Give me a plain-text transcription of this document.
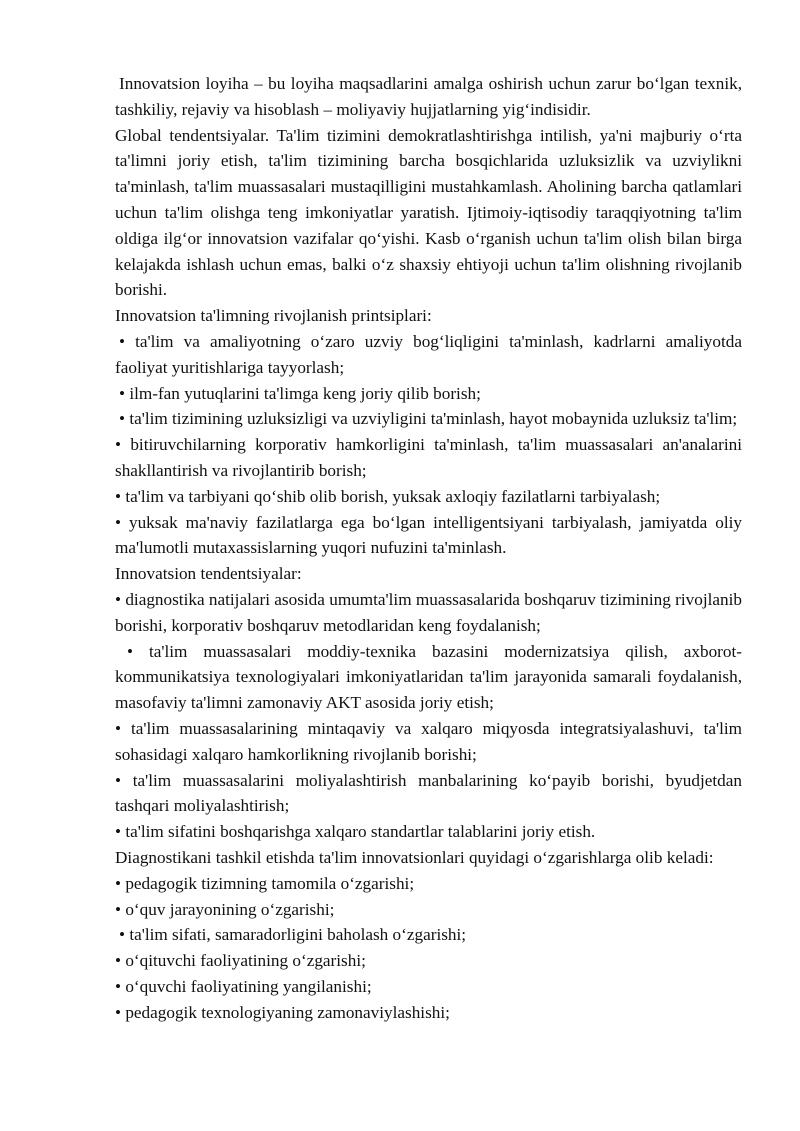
Innovatsion loyiha – bu loyiha maqsadlarini amalga oshirish uchun zarur bo‘lgan texnik, tashkiliy, rejaviy va hisoblash – moliyaviy hujjatlarning yig‘indisidir.

Global tendentsiyalar. Ta'lim tizimini demokratlashtirishga intilish, ya'ni majburiy o‘rta ta'limni joriy etish, ta'lim tizimining barcha bosqichlarida uzluksizlik va uzviylikni ta'minlash, ta'lim muassasalari mustaqilligini mustahkamlash. Aholining barcha qatlamlari uchun ta'lim olishga teng imkoniyatlar yaratish. Ijtimoiy-iqtisodiy taraqqiyotning ta'lim oldiga ilg‘or innovatsion vazifalar qo‘yishi. Kasb o‘rganish uchun ta'lim olish bilan birga kelajakda ishlash uchun emas, balki o‘z shaxsiy ehtiyoji uchun ta'lim olishning rivojlanib borishi.

Innovatsion ta'limning rivojlanish printsiplari:

• ta'lim va amaliyotning o‘zaro uzviy bog‘liqligini ta'minlash, kadrlarni amaliyotda faoliyat yuritishlariga tayyorlash;

• ilm-fan yutuqlarini ta'limga keng joriy qilib borish;

• ta'lim tizimining uzluksizligi va uzviyligini ta'minlash, hayot mobaynida uzluksiz ta'lim;

• bitiruvchilarning korporativ hamkorligini ta'minlash, ta'lim muassasalari an'analarini shakllantirish va rivojlantirib borish;

• ta'lim va tarbiyani qo‘shib olib borish, yuksak axloqiy fazilatlarni tarbiyalash;

• yuksak ma'naviy fazilatlarga ega bo‘lgan intelligentsiyani tarbiyalash, jamiyatda oliy ma'lumotli mutaxassislarning yuqori nufuzini ta'minlash.

Innovatsion tendentsiyalar:

• diagnostika natijalari asosida umumta'lim muassasalarida boshqaruv tizimining rivojlanib borishi, korporativ boshqaruv metodlaridan keng foydalanish;

• ta'lim muassasalari moddiy-texnika bazasini modernizatsiya qilish, axborot-kommunikatsiya texnologiyalari imkoniyatlaridan ta'lim jarayonida samarali foydalanish, masofaviy ta'limni zamonaviy AKT asosida joriy etish;

• ta'lim muassasalarining mintaqaviy va xalqaro miqyosda integratsiyalashuvi, ta'lim sohasidagi xalqaro hamkorlikning rivojlanib borishi;

• ta'lim muassasalarini moliyalashtirish manbalarining ko‘payib borishi, byudjetdan tashqari moliyalashtirish;

• ta'lim sifatini boshqarishga xalqaro standartlar talablarini joriy etish.

Diagnostikani tashkil etishda ta'lim innovatsionlari quyidagi o‘zgarishlarga olib keladi:

• pedagogik tizimning tamomila o‘zgarishi;

• o‘quv jarayonining o‘zgarishi;

• ta'lim sifati, samaradorligini baholash o‘zgarishi;

• o‘qituvchi faoliyatining o‘zgarishi;

• o‘quvchi faoliyatining yangilanishi;

• pedagogik texnologiyaning zamonaviylashishi;
